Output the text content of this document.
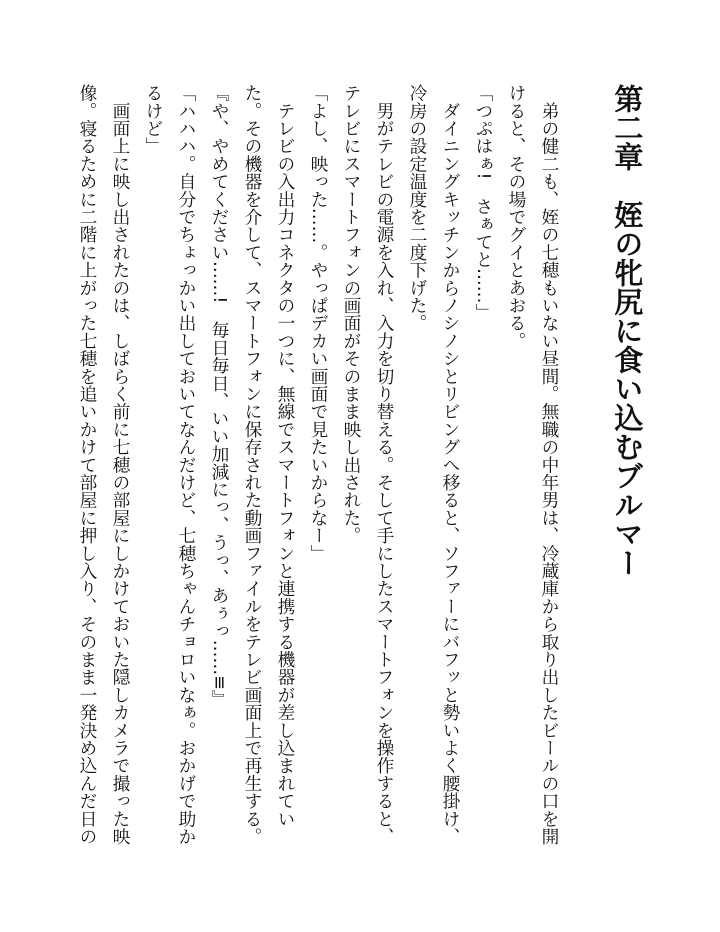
第二章　姪の牝尻に食い込むブルマー

　弟の健二も、姪の七穂もいない昼間。無職の中年男は、冷蔵庫から取り出したビールの口を開

けると、その場でグイとあおる。

「つぷはぁ!　さぁてと……」

　ダイニングキッチンからノシノシとリビングへ移ると、ソファーにバフッと勢いよく腰掛け、

冷房の設定温度を二度下げた。

　男がテレビの電源を入れ、入力を切り替える。そして手にしたスマートフォンを操作すると、

テレビにスマートフォンの画面がそのまま映し出された。

「よし、映った……。やっぱデカい画面で見たいからなー」

　テレビの入出力コネクタの一つに、無線でスマートフォンと連携する機器が差し込まれてい

た。その機器を介して、スマートフォンに保存された動画ファイルをテレビ画面上で再生する。

『や、やめてください……!　毎日毎日、いい加減にっ、うっ、あぅっ……≡』

「ハハハ。自分でちょっかい出しておいてなんだけど、七穂ちゃんチョロいなぁ。おかげで助か

るけど」

　画面上に映し出されたのは、しばらく前に七穂の部屋にしかけておいた隠しカメラで撮った映

像。寝るために二階に上がった七穂を追いかけて部屋に押し入り、そのまま一発決め込んだ日の
